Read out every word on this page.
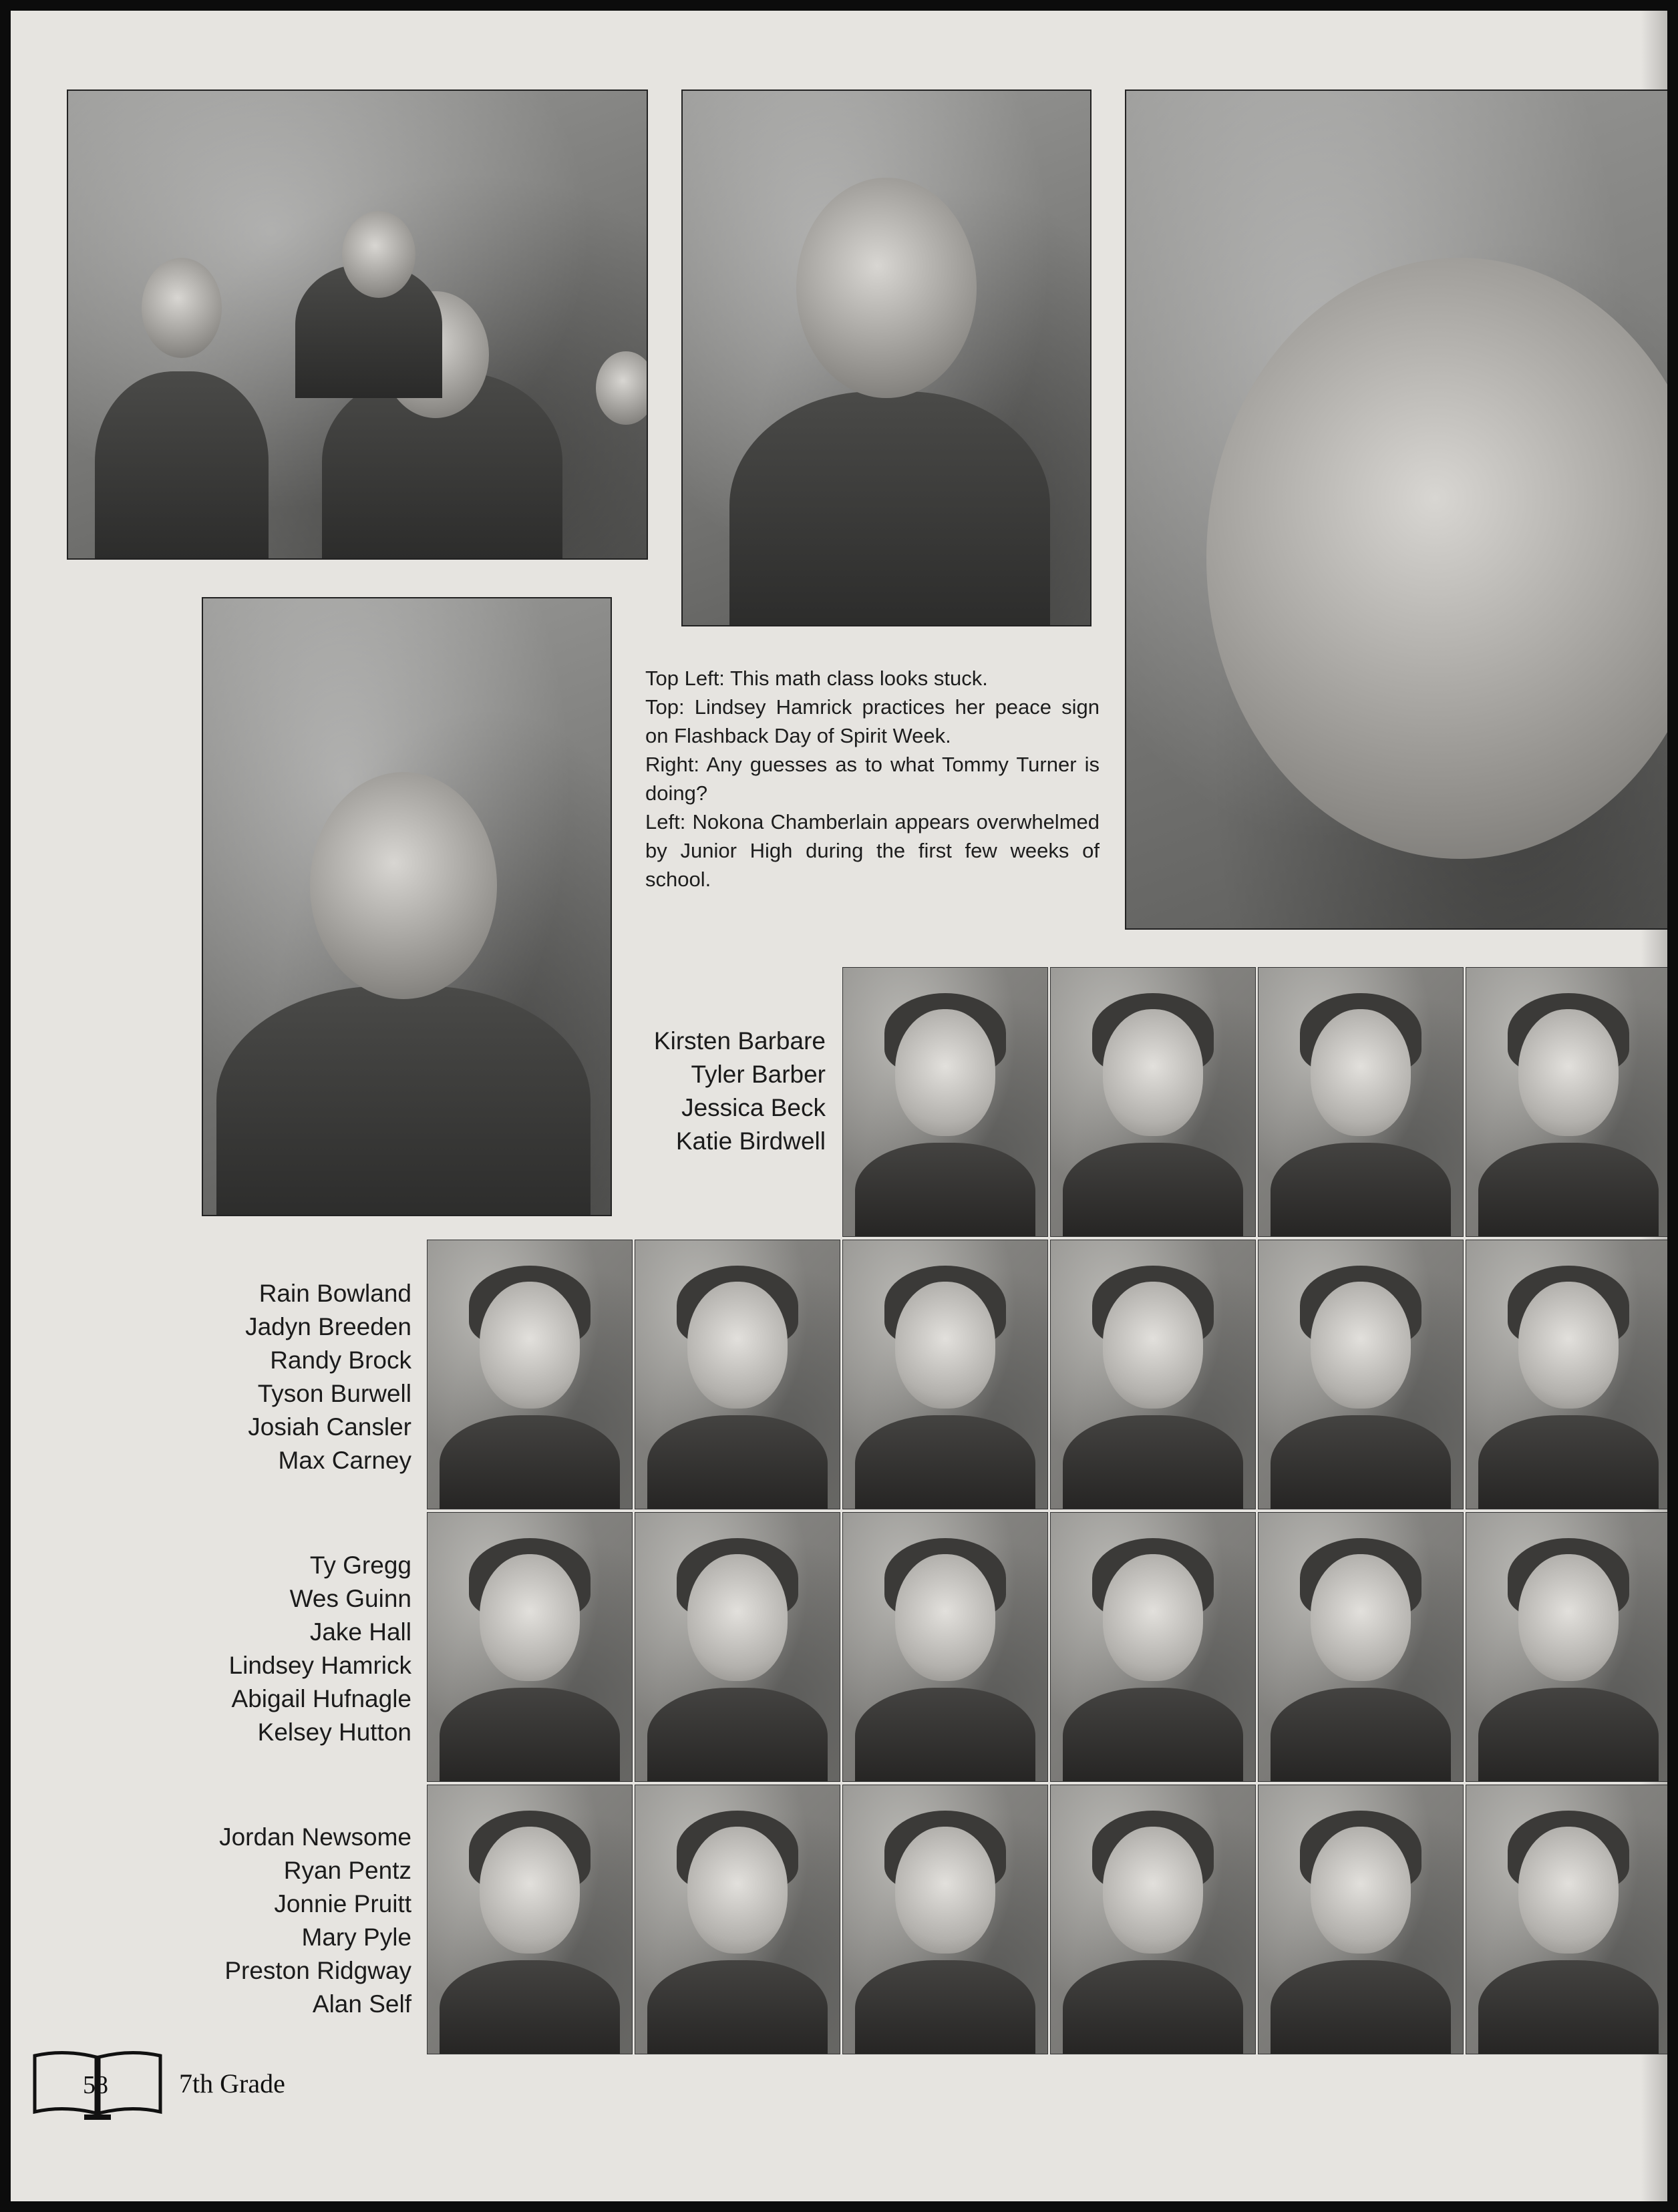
Top Left: This math class looks stuck.

Top: Lindsey Hamrick practices her peace sign on Flashback Day of Spirit Week.

Right: Any guesses as to what Tommy Turner is doing?

Left: Nokona Chamberlain appears overwhelmed by Junior High during the first few weeks of school.

Kirsten Barbare
Tyler Barber
Jessica Beck
Katie Birdwell
Rain Bowland
Jadyn Breeden
Randy Brock
Tyson Burwell
Josiah Cansler
Max Carney
Ty Gregg
Wes Guinn
Jake Hall
Lindsey Hamrick
Abigail Hufnagle
Kelsey Hutton
Jordan Newsome
Ryan Pentz
Jonnie Pruitt
Mary Pyle
Preston Ridgway
Alan Self
58	7th Grade
